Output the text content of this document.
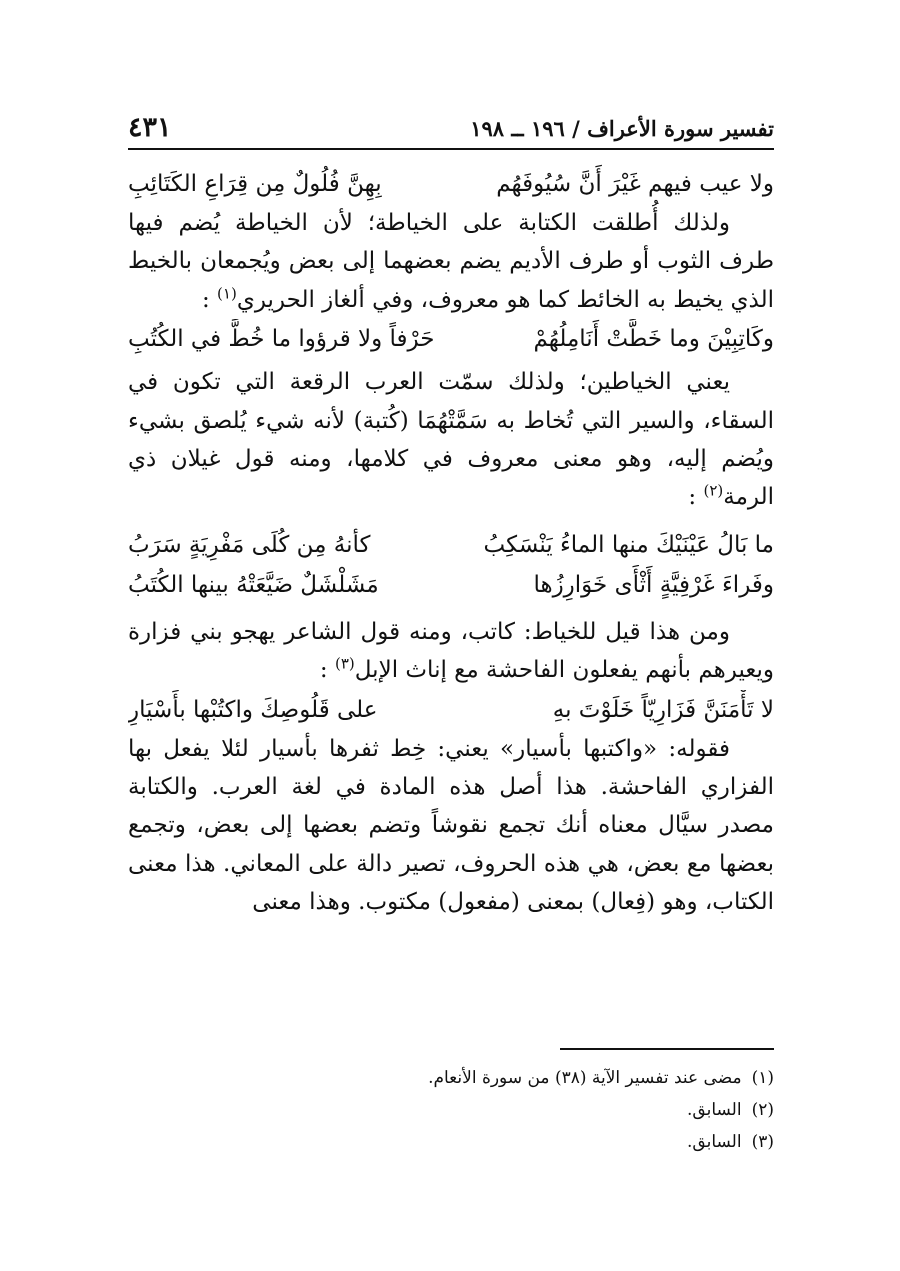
تفسير سورة الأعراف / ١٩٦ ــ ١٩٨
٤٣١
ولا عيب فيهم غَيْرَ أَنَّ سُيُوفَهُم
بِهِنَّ فُلُولٌ مِن قِرَاعِ الكَتَائِبِ

ولذلك أُطلقت الكتابة على الخياطة؛ لأن الخياطة يُضم فيها طرف الثوب أو طرف الأديم يضم بعضهما إلى بعض ويُجمعان بالخيط الذي يخيط به الخائط كما هو معروف، وفي ألغاز الحريري$^{(١)}$ :

وكَاتِبِيْنَ وما خَطَّتْ أَنَامِلُهُمْ
حَرْفاً ولا قرؤوا ما خُطَّ في الكُتُبِ

يعني الخياطين؛ ولذلك سمّت العرب الرقعة التي تكون في السقاء، والسير التي تُخاط به سَمَّتْهُمَا (كُتبة) لأنه شيء يُلصق بشيء ويُضم إليه، وهو معنى معروف في كلامها، ومنه قول غيلان ذي الرمة$^{(٢)}$ :

ما بَالُ عَيْنَيْكَ منها الماءُ يَنْسَكِبُ
كأنهُ مِن كُلَى مَفْرِيَةٍ سَرَبُ
وفَراءَ غَرْفِيَّةٍ أَثْأَى خَوَارِزُها
مَشَلْشَلٌ ضَيَّعَتْهُ بينها الكُتَبُ

ومن هذا قيل للخياط: كاتب، ومنه قول الشاعر يهجو بني فزارة ويعيرهم بأنهم يفعلون الفاحشة مع إناث الإبل$^{(٣)}$ :

لا تَأْمَنَنَّ فَزَارِيّاً خَلَوْتَ بهِ
على قَلُوصِكَ واكتُبْها بأَسْيَارِ

فقوله: «واكتبها بأسيار» يعني: خِط ثفرها بأسيار لئلا يفعل بها الفزاري الفاحشة. هذا أصل هذه المادة في لغة العرب. والكتابة مصدر سيَّال معناه أنك تجمع نقوشاً وتضم بعضها إلى بعض، وتجمع بعضها مع بعض، هي هذه الحروف، تصير دالة على المعاني. هذا معنى الكتاب، وهو (فِعال) بمعنى (مفعول) مكتوب. وهذا معنى

(١)مضى عند تفسير الآية (٣٨) من سورة الأنعام.
(٢)السابق.
(٣)السابق.
